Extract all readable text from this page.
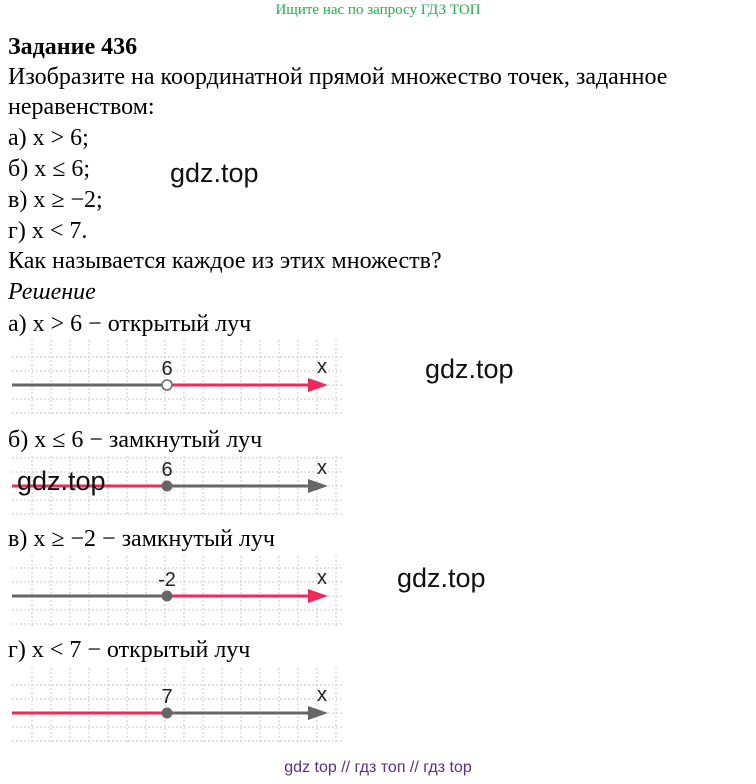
Ищите нас по запросу ГДЗ ТОП
Задание 436
Изобразите на координатной прямой множество точек, заданное
неравенством:
а) x > 6;
б) x ≤ 6;
в) x ≥ −2;
г) x < 7.
Как называется каждое из этих множеств?
Решение
а) x > 6 − открытый луч
6	x
б) x ≤ 6 − замкнутый луч
6	x
в) x ≥ −2 − замкнутый луч
-2	x
г) x < 7 − открытый луч
7	x
gdz.top
gdz.top
gdz.top
gdz.top
gdz top // гдз топ // гдз top
